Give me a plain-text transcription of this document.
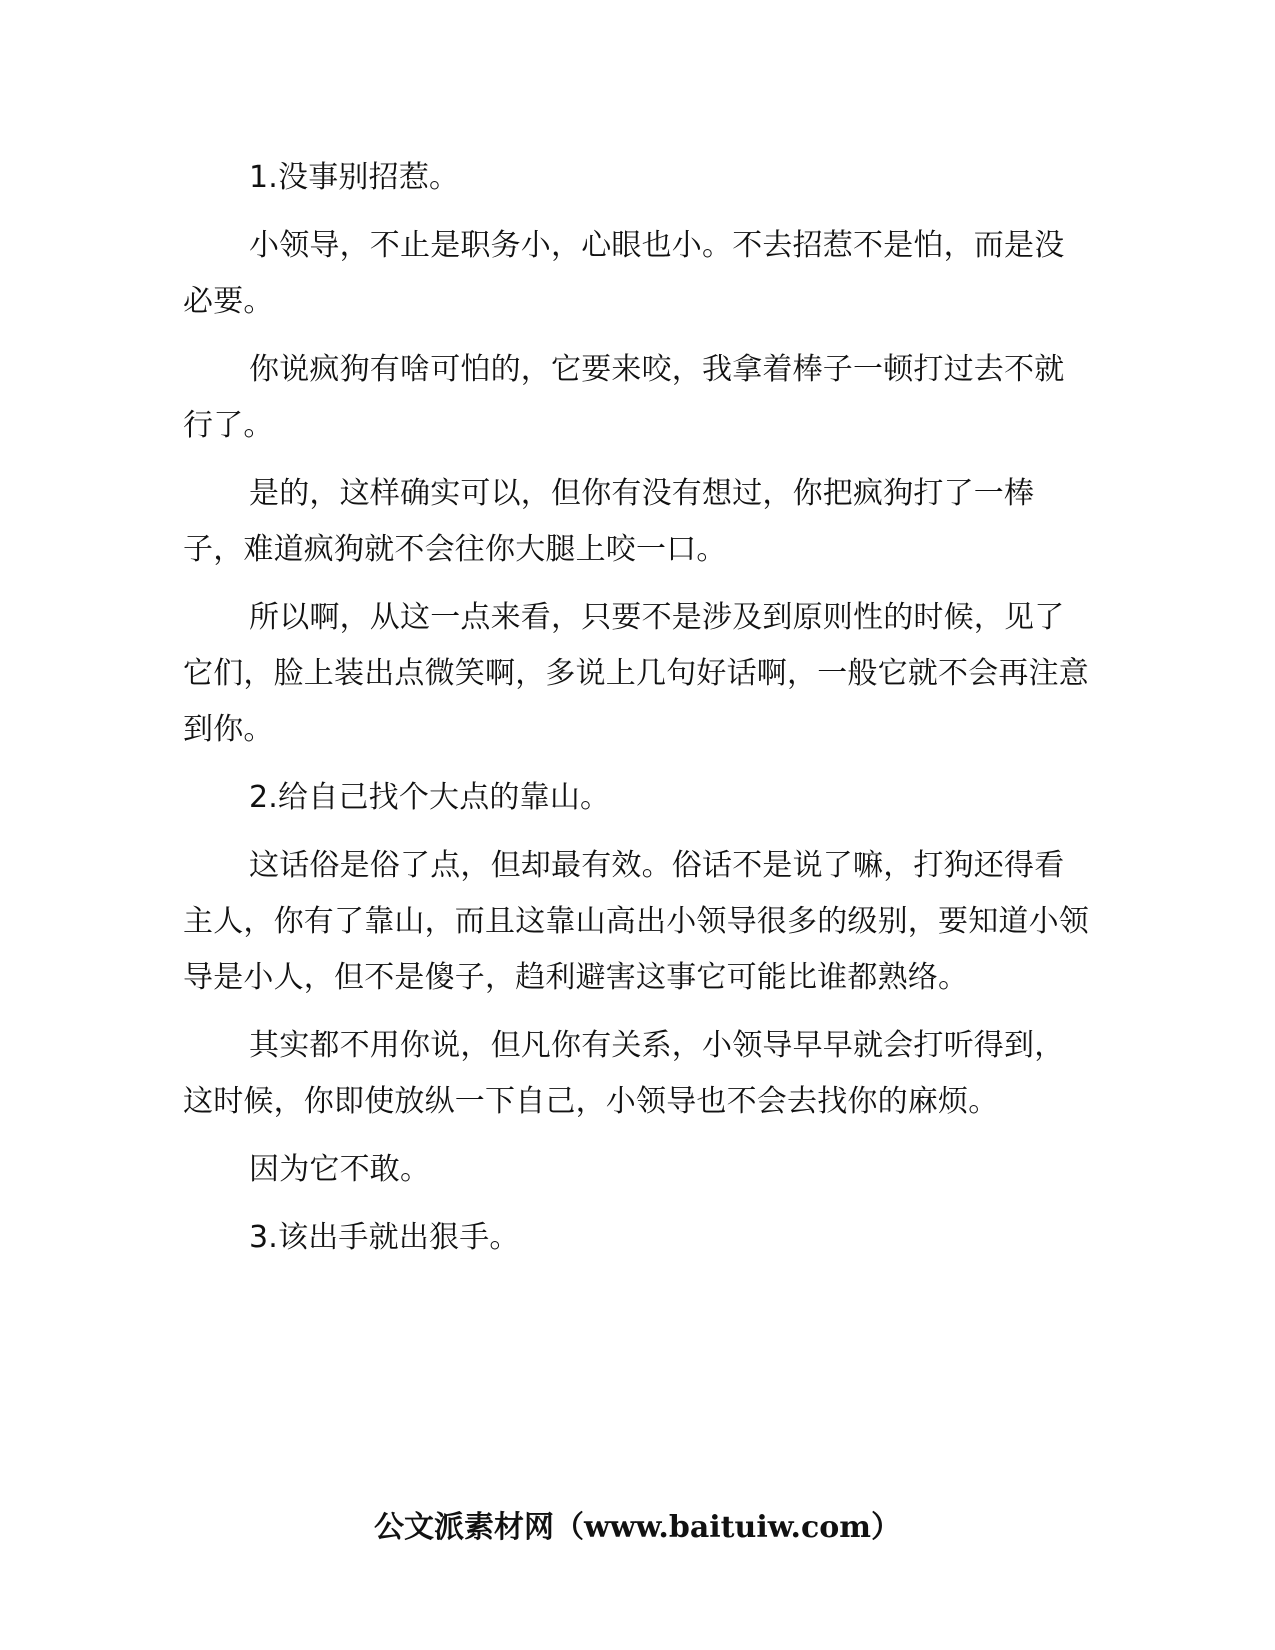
1.没事别招惹。

小领导，不止是职务小，心眼也小。不去招惹不是怕，而是没必要。

你说疯狗有啥可怕的，它要来咬，我拿着棒子一顿打过去不就行了。

是的，这样确实可以，但你有没有想过，你把疯狗打了一棒子，难道疯狗就不会往你大腿上咬一口。

所以啊，从这一点来看，只要不是涉及到原则性的时候，见了它们，脸上装出点微笑啊，多说上几句好话啊，一般它就不会再注意到你。

2.给自己找个大点的靠山。

这话俗是俗了点，但却最有效。俗话不是说了嘛，打狗还得看主人，你有了靠山，而且这靠山高出小领导很多的级别，要知道小领导是小人，但不是傻子，趋利避害这事它可能比谁都熟络。

其实都不用你说，但凡你有关系，小领导早早就会打听得到，这时候，你即使放纵一下自己，小领导也不会去找你的麻烦。

因为它不敢。

3.该出手就出狠手。

公文派素材网（www.baituiw.com）
